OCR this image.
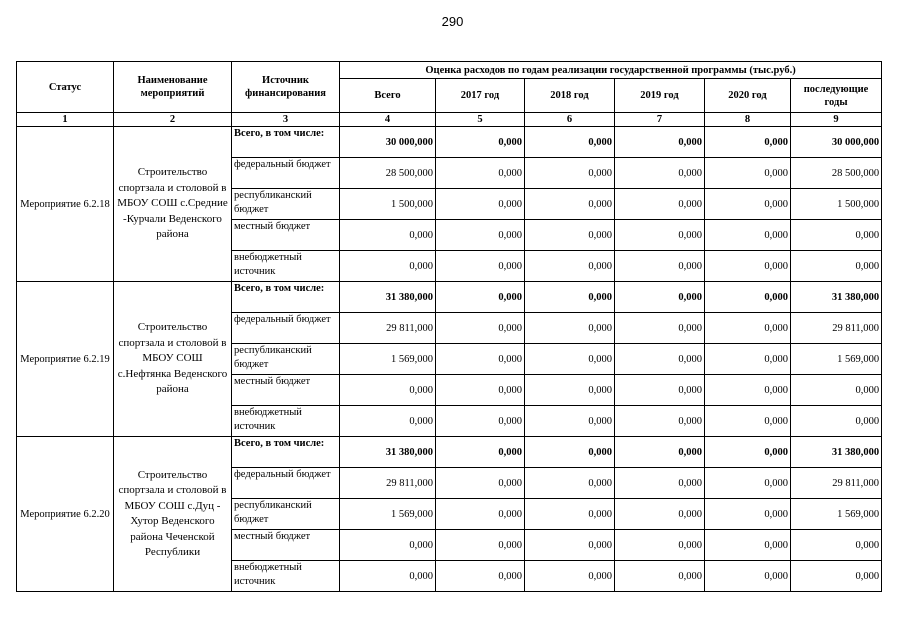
290
Статус	Наименование мероприятий	Источник финансирования	Оценка расходов по годам реализации государственной программы (тыс.руб.)					
			Всего	2017 год	2018 год	2019 год	2020 год	последующие годы
1	2	3	4	5	6	7	8	9
Мероприятие 6.2.18	Строительство спортзала и столовой в МБОУ СОШ с.Средние -Курчали Веденского района	Всего, в том числе:	30 000,000	0,000	0,000	0,000	0,000	30 000,000
		федеральный бюджет	28 500,000	0,000	0,000	0,000	0,000	28 500,000
		республиканский бюджет	1 500,000	0,000	0,000	0,000	0,000	1 500,000
		местный бюджет	0,000	0,000	0,000	0,000	0,000	0,000
		внебюджетный источник	0,000	0,000	0,000	0,000	0,000	0,000
Мероприятие 6.2.19	Строительство спортзала и столовой в МБОУ СОШ с.Нефтянка Веденского района	Всего, в том числе:	31 380,000	0,000	0,000	0,000	0,000	31 380,000
		федеральный бюджет	29 811,000	0,000	0,000	0,000	0,000	29 811,000
		республиканский бюджет	1 569,000	0,000	0,000	0,000	0,000	1 569,000
		местный бюджет	0,000	0,000	0,000	0,000	0,000	0,000
		внебюджетный источник	0,000	0,000	0,000	0,000	0,000	0,000
Мероприятие 6.2.20	Строительство спортзала и столовой в МБОУ СОШ с.Дуц - Хутор Веденского района Чеченской Республики	Всего, в том числе:	31 380,000	0,000	0,000	0,000	0,000	31 380,000
		федеральный бюджет	29 811,000	0,000	0,000	0,000	0,000	29 811,000
		республиканский бюджет	1 569,000	0,000	0,000	0,000	0,000	1 569,000
		местный бюджет	0,000	0,000	0,000	0,000	0,000	0,000
		внебюджетный источник	0,000	0,000	0,000	0,000	0,000	0,000
